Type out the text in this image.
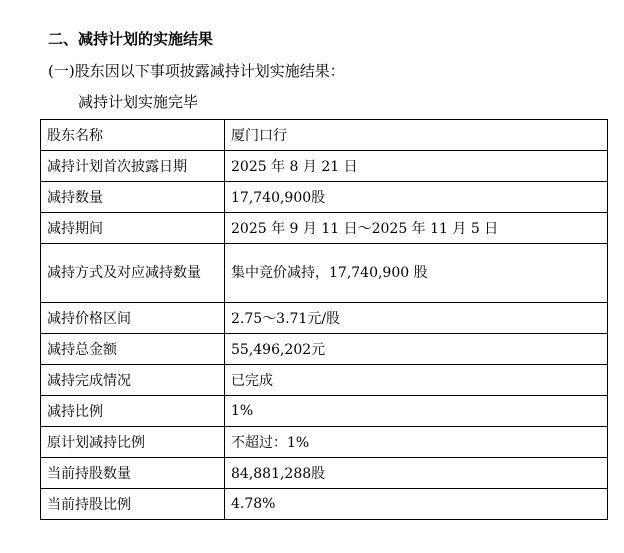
二、减持计划的实施结果
(一)股东因以下事项披露减持计划实施结果：
减持计划实施完毕
股东名称	厦门口行
减持计划首次披露日期	2025 年 8 月 21 日
减持数量	17,740,900股
减持期间	2025 年 9 月 11 日～2025 年 11 月 5 日
减持方式及对应减持数量	集中竞价减持，17,740,900 股
减持价格区间	2.75～3.71元/股
减持总金额	55,496,202元
减持完成情况	已完成
减持比例	1%
原计划减持比例	不超过：1%
当前持股数量	84,881,288股
当前持股比例	4.78%
